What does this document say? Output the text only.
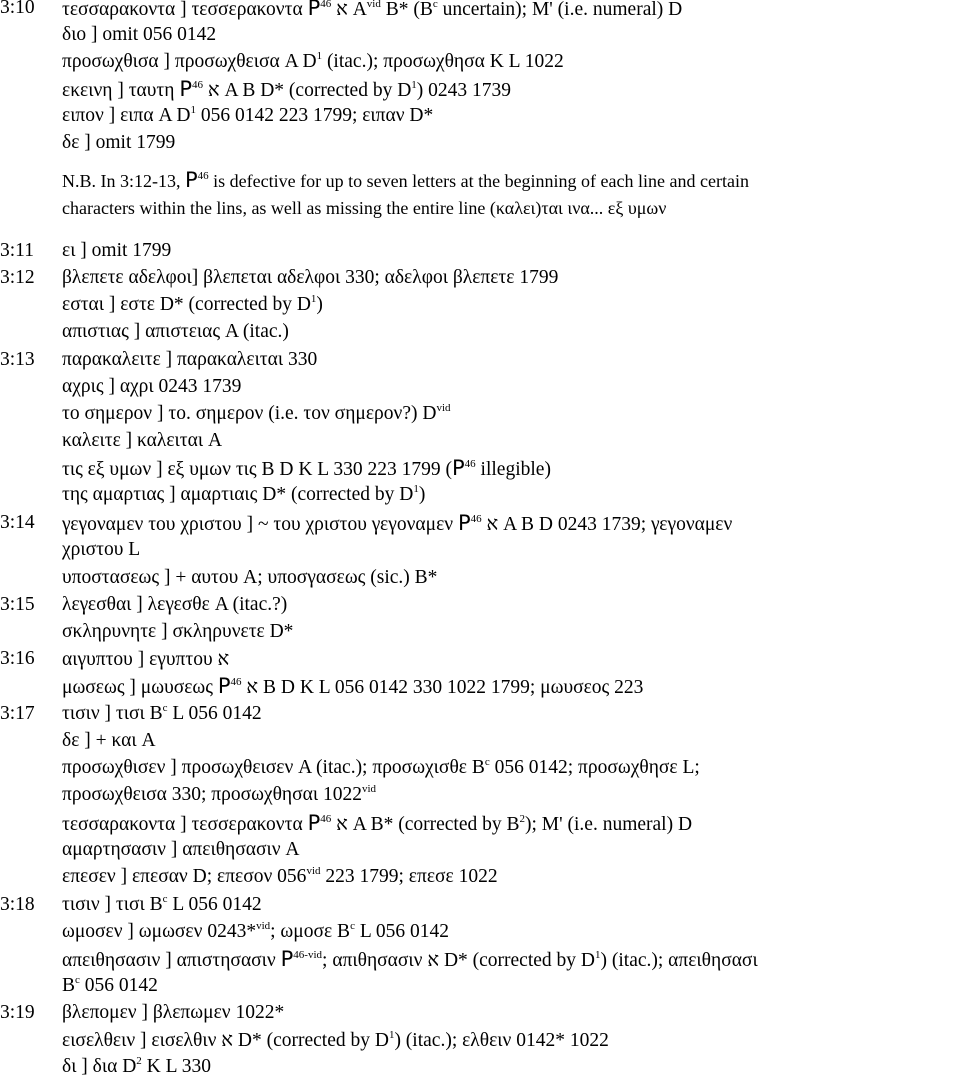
3:10 τεσσαρακοντα ] τεσσερακοντα $P^{46}$ א $A^{vid}$ B* ($B^c$ uncertain); M' (i.e. numeral) D
διο ] omit 056 0142
προσωχθισα ] προσωχθεισα A $D^1$ (itac.); προσωχθησα K L 1022
εκεινη ] ταυτη $P^{46}$ א A B D* (corrected by $D^1$) 0243 1739
ειπον ] ειπα A $D^1$ 056 0142 223 1799; ειπαν D*
δε ] omit 1799
N.B. In 3:12-13, $P^{46}$ is defective for up to seven letters at the beginning of each line and certain
characters within the lins, as well as missing the entire line (καλει)ται ινα... εξ υμων
3:11 ει ] omit 1799
3:12 βλεπετε αδελφοι] βλεπεται αδελφοι 330; αδελφοι βλεπετε 1799
εσται ] εστε D* (corrected by $D^1$)
απιστιας ] απιστειας A (itac.)
3:13 παρακαλειτε ] παρακαλειται 330
αχρις ] αχρι 0243 1739
το σημερον ] το. σημερον (i.e. τον σημερον?) $D^{vid}$
καλειτε ] καλειται A
τις εξ υμων ] εξ υμων τις B D K L 330 223 1799 ($P^{46}$ illegible)
της αμαρτιας ] αμαρτιαις D* (corrected by $D^1$)
3:14 γεγοναμεν του χριστου ] ~ του χριστου γεγοναμεν $P^{46}$ א A B D 0243 1739; γεγοναμεν
χριστου L
υποστασεως ] + αυτου A; υποσγασεως (sic.) B*
3:15 λεγεσθαι ] λεγεσθε A (itac.?)
σκληρυνητε ] σκληρυνετε D*
3:16 αιγυπτου ] εγυπτου א
μωσεως ] μωυσεως $P^{46}$ א B D K L 056 0142 330 1022 1799; μωυσεος 223
3:17 τισιν ] τισι $B^c$ L 056 0142
δε ] + και A
προσωχθισεν ] προσωχθεισεν A (itac.); προσωχισθε $B^c$ 056 0142; προσωχθησε L;
προσωχθεισα 330; προσωχθησαι $1022^{vid}$
τεσσαρακοντα ] τεσσερακοντα $P^{46}$ א A B* (corrected by $B^2$); M' (i.e. numeral) D
αμαρτησασιν ] απειθησασιν A
επεσεν ] επεσαν D; επεσον $056^{vid}$ 223 1799; επεσε 1022
3:18 τισιν ] τισι $B^c$ L 056 0142
ωμοσεν ] ωμωσεν 0243*$^{vid}$; ωμοσε $B^c$ L 056 0142
απειθησασιν ] απιστησασιν $P^{46-vid}$; απιθησασιν א D* (corrected by $D^1$) (itac.); απειθησασι
$B^c$ 056 0142
3:19 βλεπομεν ] βλεπωμεν 1022*
εισελθειν ] εισελθιν א D* (corrected by $D^1$) (itac.); ελθειν 0142* 1022
δι ] δια $D^2$ K L 330
